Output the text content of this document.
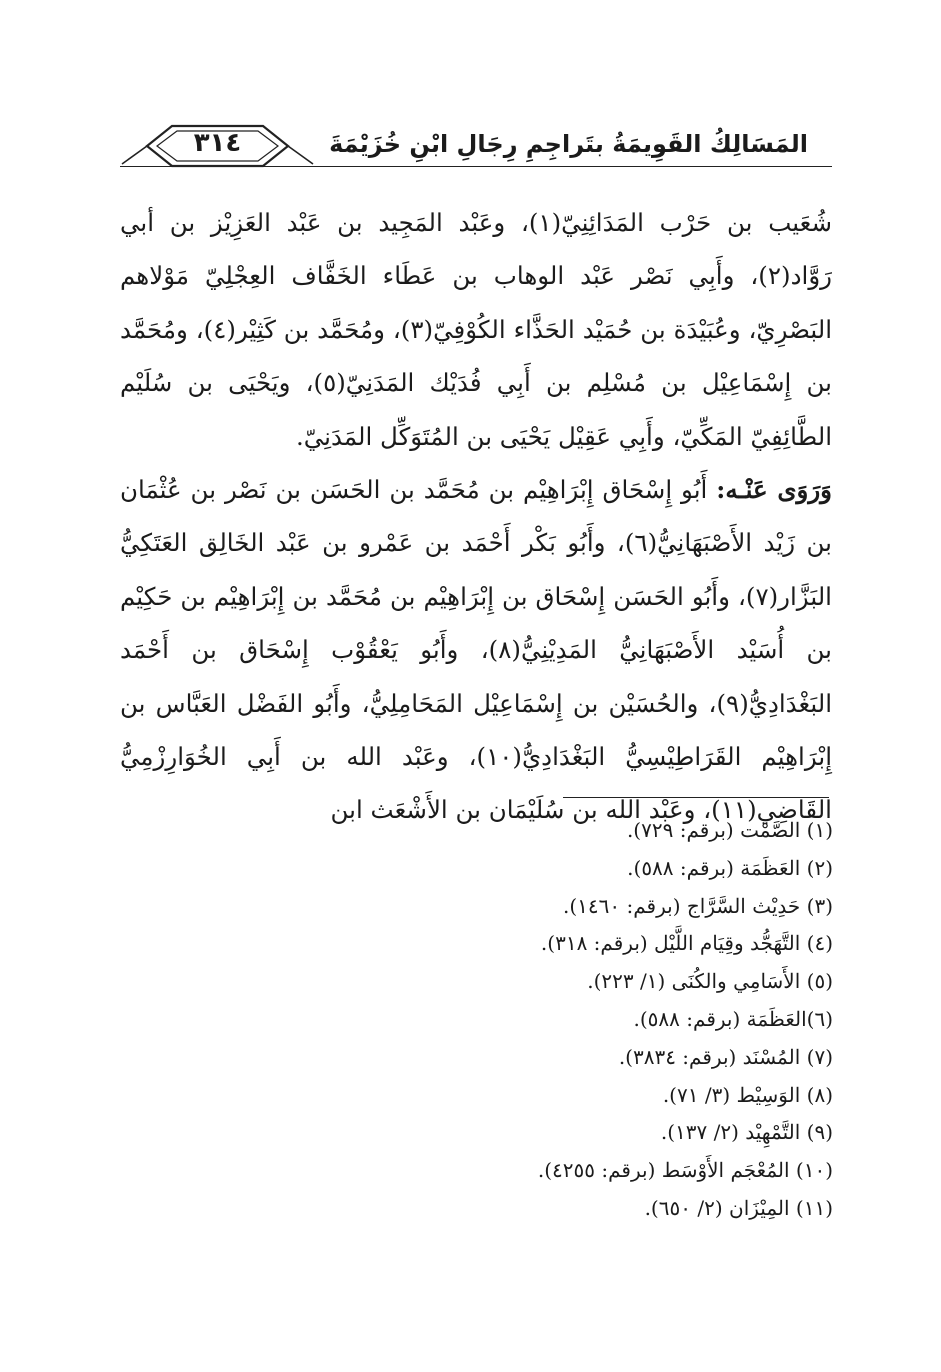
٣١٤	المَسَالِكُ القَوِيمَةُ بتَراجِمِ رِجَالِ ابْنِ خُزَيْمَةَ

شُعَيب بن حَرْب المَدَائِنِيّ(١)، وعَبْد المَجِيد بن عَبْد العَزِيْز بن أبي رَوَّاد(٢)، وأَبِي نَصْر عَبْد الوهاب بن عَطَاء الخَفَّاف العِجْلِيّ مَوْلاهم البَصْرِيّ، وعُبَيْدَة بن حُمَيْد الحَذَّاء الكُوْفِيّ(٣)، ومُحَمَّد بن كَثِيْر(٤)، ومُحَمَّد بن إِسْمَاعِيْل بن مُسْلِم بن أَبِي فُدَيْك المَدَنِيّ(٥)، ويَحْيَى بن سُلَيْم الطَّائِفِيّ المَكِّيّ، وأَبِي عَقِيْل يَحْيَى بن المُتَوَكِّل المَدَنِيّ.

وَرَوَى عَنْـه: أَبُو إِسْحَاق إِبْرَاهِيْم بن مُحَمَّد بن الحَسَن بن نَصْر بن عُثْمَان بن زَيْد الأَصْبَهَانِيُّ(٦)، وأَبُو بَكْر أَحْمَد بن عَمْرو بن عَبْد الخَالِق العَتَكِيُّ البَزَّار(٧)، وأَبُو الحَسَن إِسْحَاق بن إِبْرَاهِيْم بن مُحَمَّد بن إِبْرَاهِيْم بن حَكِيْم بن أُسَيْد الأَصْبَهَانِيُّ المَدِيْنِيُّ(٨)، وأَبُو يَعْقُوْب إِسْحَاق بن أَحْمَد البَغْدَادِيُّ(٩)، والحُسَيْن بن إِسْمَاعِيْل المَحَامِلِيُّ، وأَبُو الفَضْل العَبَّاس بن إِبْرَاهِيْم القَرَاطِيْسِيُّ البَغْدَادِيُّ(١٠)، وعَبْد الله بن أَبِي الخُوَارِزْمِيُّ القَاضِي(١١)، وعَبْد الله بن سُلَيْمَان بن الأَشْعَث ابن

(١) الصَّمْت (برقم: ٧٢٩).
(٢) العَظَمَة (برقم: ٥٨٨).
(٣) حَدِيْث السَّرَّاج (برقم: ١٤٦٠).
(٤) التَّهَجُّد وقِيَام اللَّيْل (برقم: ٣١٨).
(٥) الأَسَامِي والكُنَى (١/ ٢٢٣).
(٦)العَظَمَة (برقم: ٥٨٨).
(٧) المُسْنَد (برقم: ٣٨٣٤).
(٨) الوَسِيْط (٣/ ٧١).
(٩) التَّمْهِيْد (٢/ ١٣٧).
(١٠) المُعْجَم الأَوْسَط (برقم: ٤٢٥٥).
(١١) المِيْزَان (٢/ ٦٥٠).
